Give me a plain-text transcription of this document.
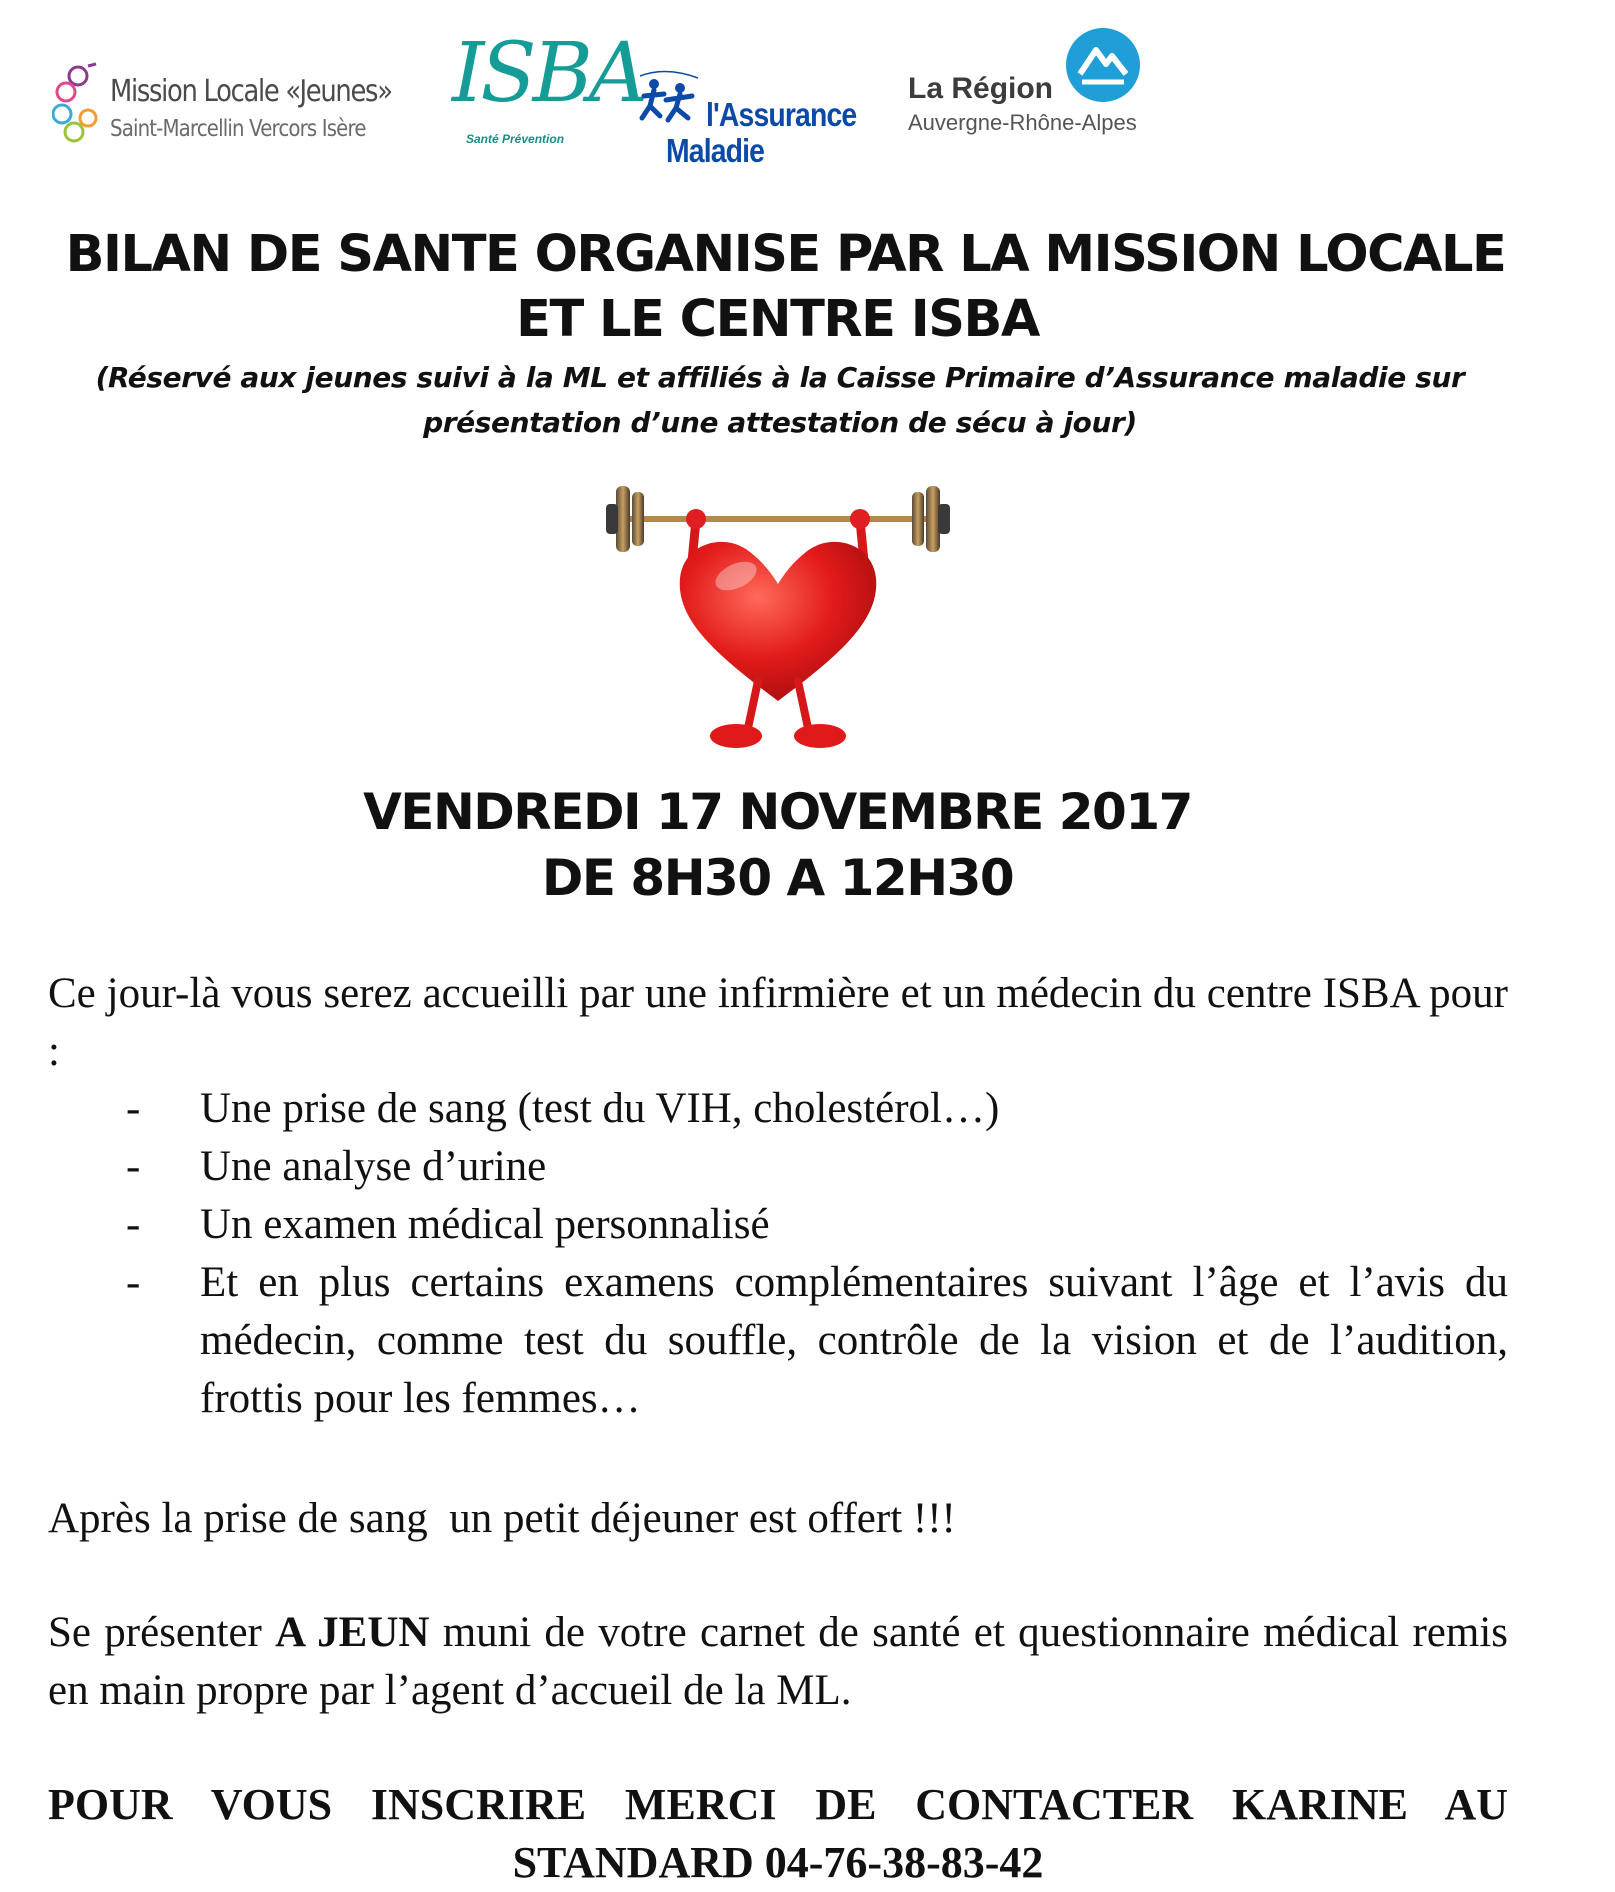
Mission Locale «Jeunes»
Saint-Marcellin Vercors Isère
ISBA
Santé Prévention
l'Assurance
Maladie
La Région
Auvergne-Rhône-Alpes
BILAN DE SANTE ORGANISE PAR LA MISSION LOCALE
ET LE CENTRE ISBA
(Réservé aux jeunes suivi à la ML et affiliés à la Caisse Primaire d’Assurance maladie sur
présentation d’une attestation de sécu à jour)
VENDREDI 17 NOVEMBRE 2017
DE 8H30 A 12H30
Ce jour-là vous serez accueilli par une infirmière et un médecin du centre ISBA pour :
- Une prise de sang (test du VIH, cholestérol…)
- Une analyse d’urine
- Un examen médical personnalisé
- Et en plus certains examens complémentaires suivant l’âge et l’avis du médecin, comme test du souffle, contrôle de la vision et de l’audition, frottis pour les femmes…
Après la prise de sang  un petit déjeuner est offert !!!
Se présenter A JEUN muni de votre carnet de santé et questionnaire médical remis en main propre par l’agent d’accueil de la ML.
POUR VOUS INSCRIRE MERCI DE CONTACTER KARINE AU
STANDARD 04-76-38-83-42
